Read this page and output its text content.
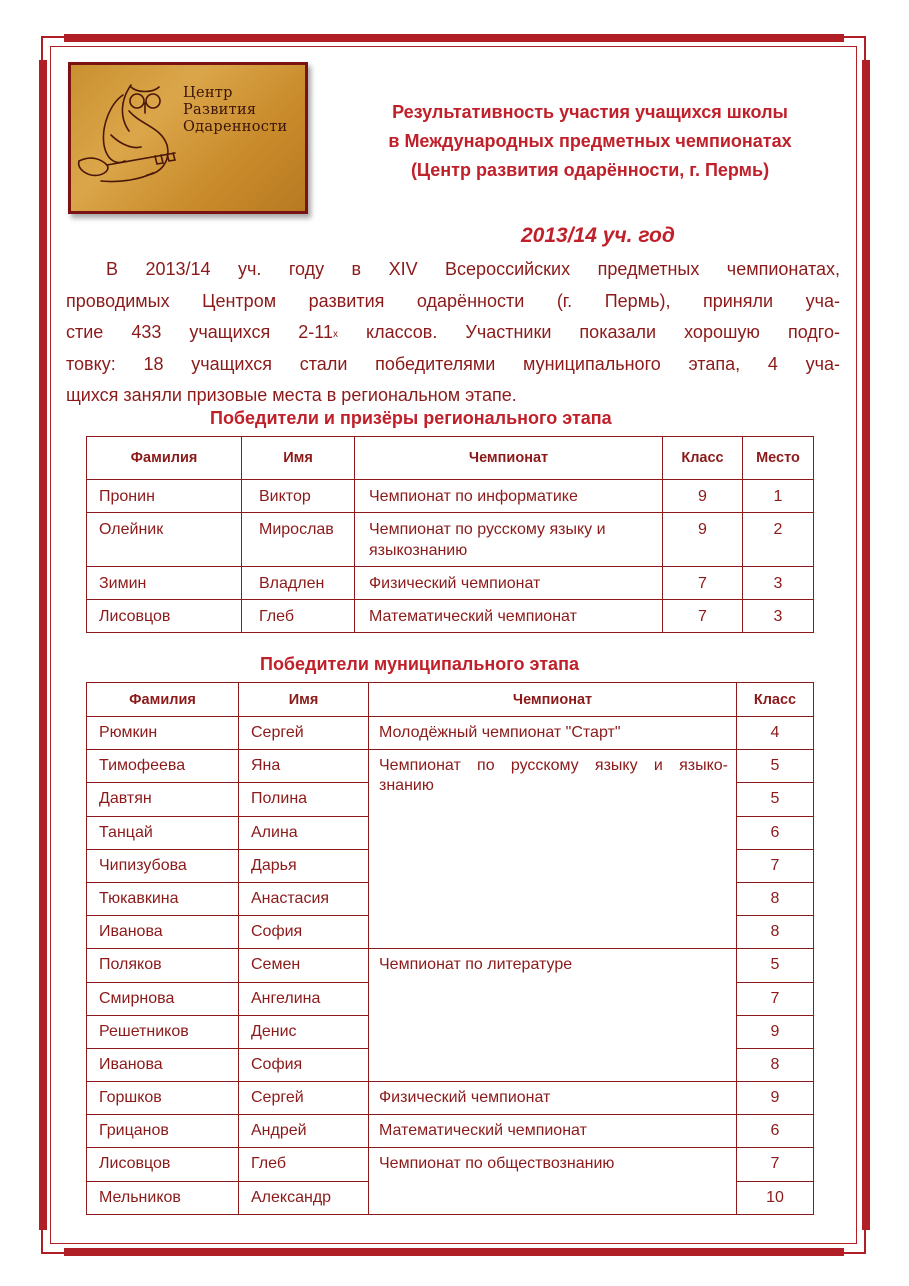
Центр
Развития
Одаренности
Результативность участия учащихся школы
в Международных предметных чемпионатах
(Центр развития одарённости, г. Пермь)
2013/14 уч. год
В 2013/14 уч. году в XIV Всероссийских предметных чемпионатах,
проводимых Центром развития одарённости (г. Пермь), приняли уча-
стие 433 учащихся $2-11^х$ классов. Участники показали хорошую подго-
товку: 18 учащихся стали победителями муниципального этапа, 4 уча-
щихся заняли призовые места в региональном этапе.
Победители и призёры регионального этапа
Фамилия	Имя	Чемпионат	Класс	Место
Пронин	Виктор	Чемпионат по информатике	9	1
Олейник	Мирослав	Чемпионат по русскому языку и языкознанию	9	2
Зимин	Владлен	Физический чемпионат	7	3
Лисовцов	Глеб	Математический чемпионат	7	3
Победители муниципального этапа
Фамилия	Имя	Чемпионат	Класс
Рюмкин	Сергей	Молодёжный чемпионат "Старт"	4
Тимофеева	Яна	Чемпионат по русскому языку и языко-
знанию	5
Давтян	Полина		5
Танцай	Алина		6
Чипизубова	Дарья		7
Тюкавкина	Анастасия		8
Иванова	София		8
Поляков	Семен	Чемпионат по литературе	5
Смирнова	Ангелина		7
Решетников	Денис		9
Иванова	София		8
Горшков	Сергей	Физический чемпионат	9
Грицанов	Андрей	Математический чемпионат	6
Лисовцов	Глеб	Чемпионат по обществознанию	7
Мельников	Александр		10
